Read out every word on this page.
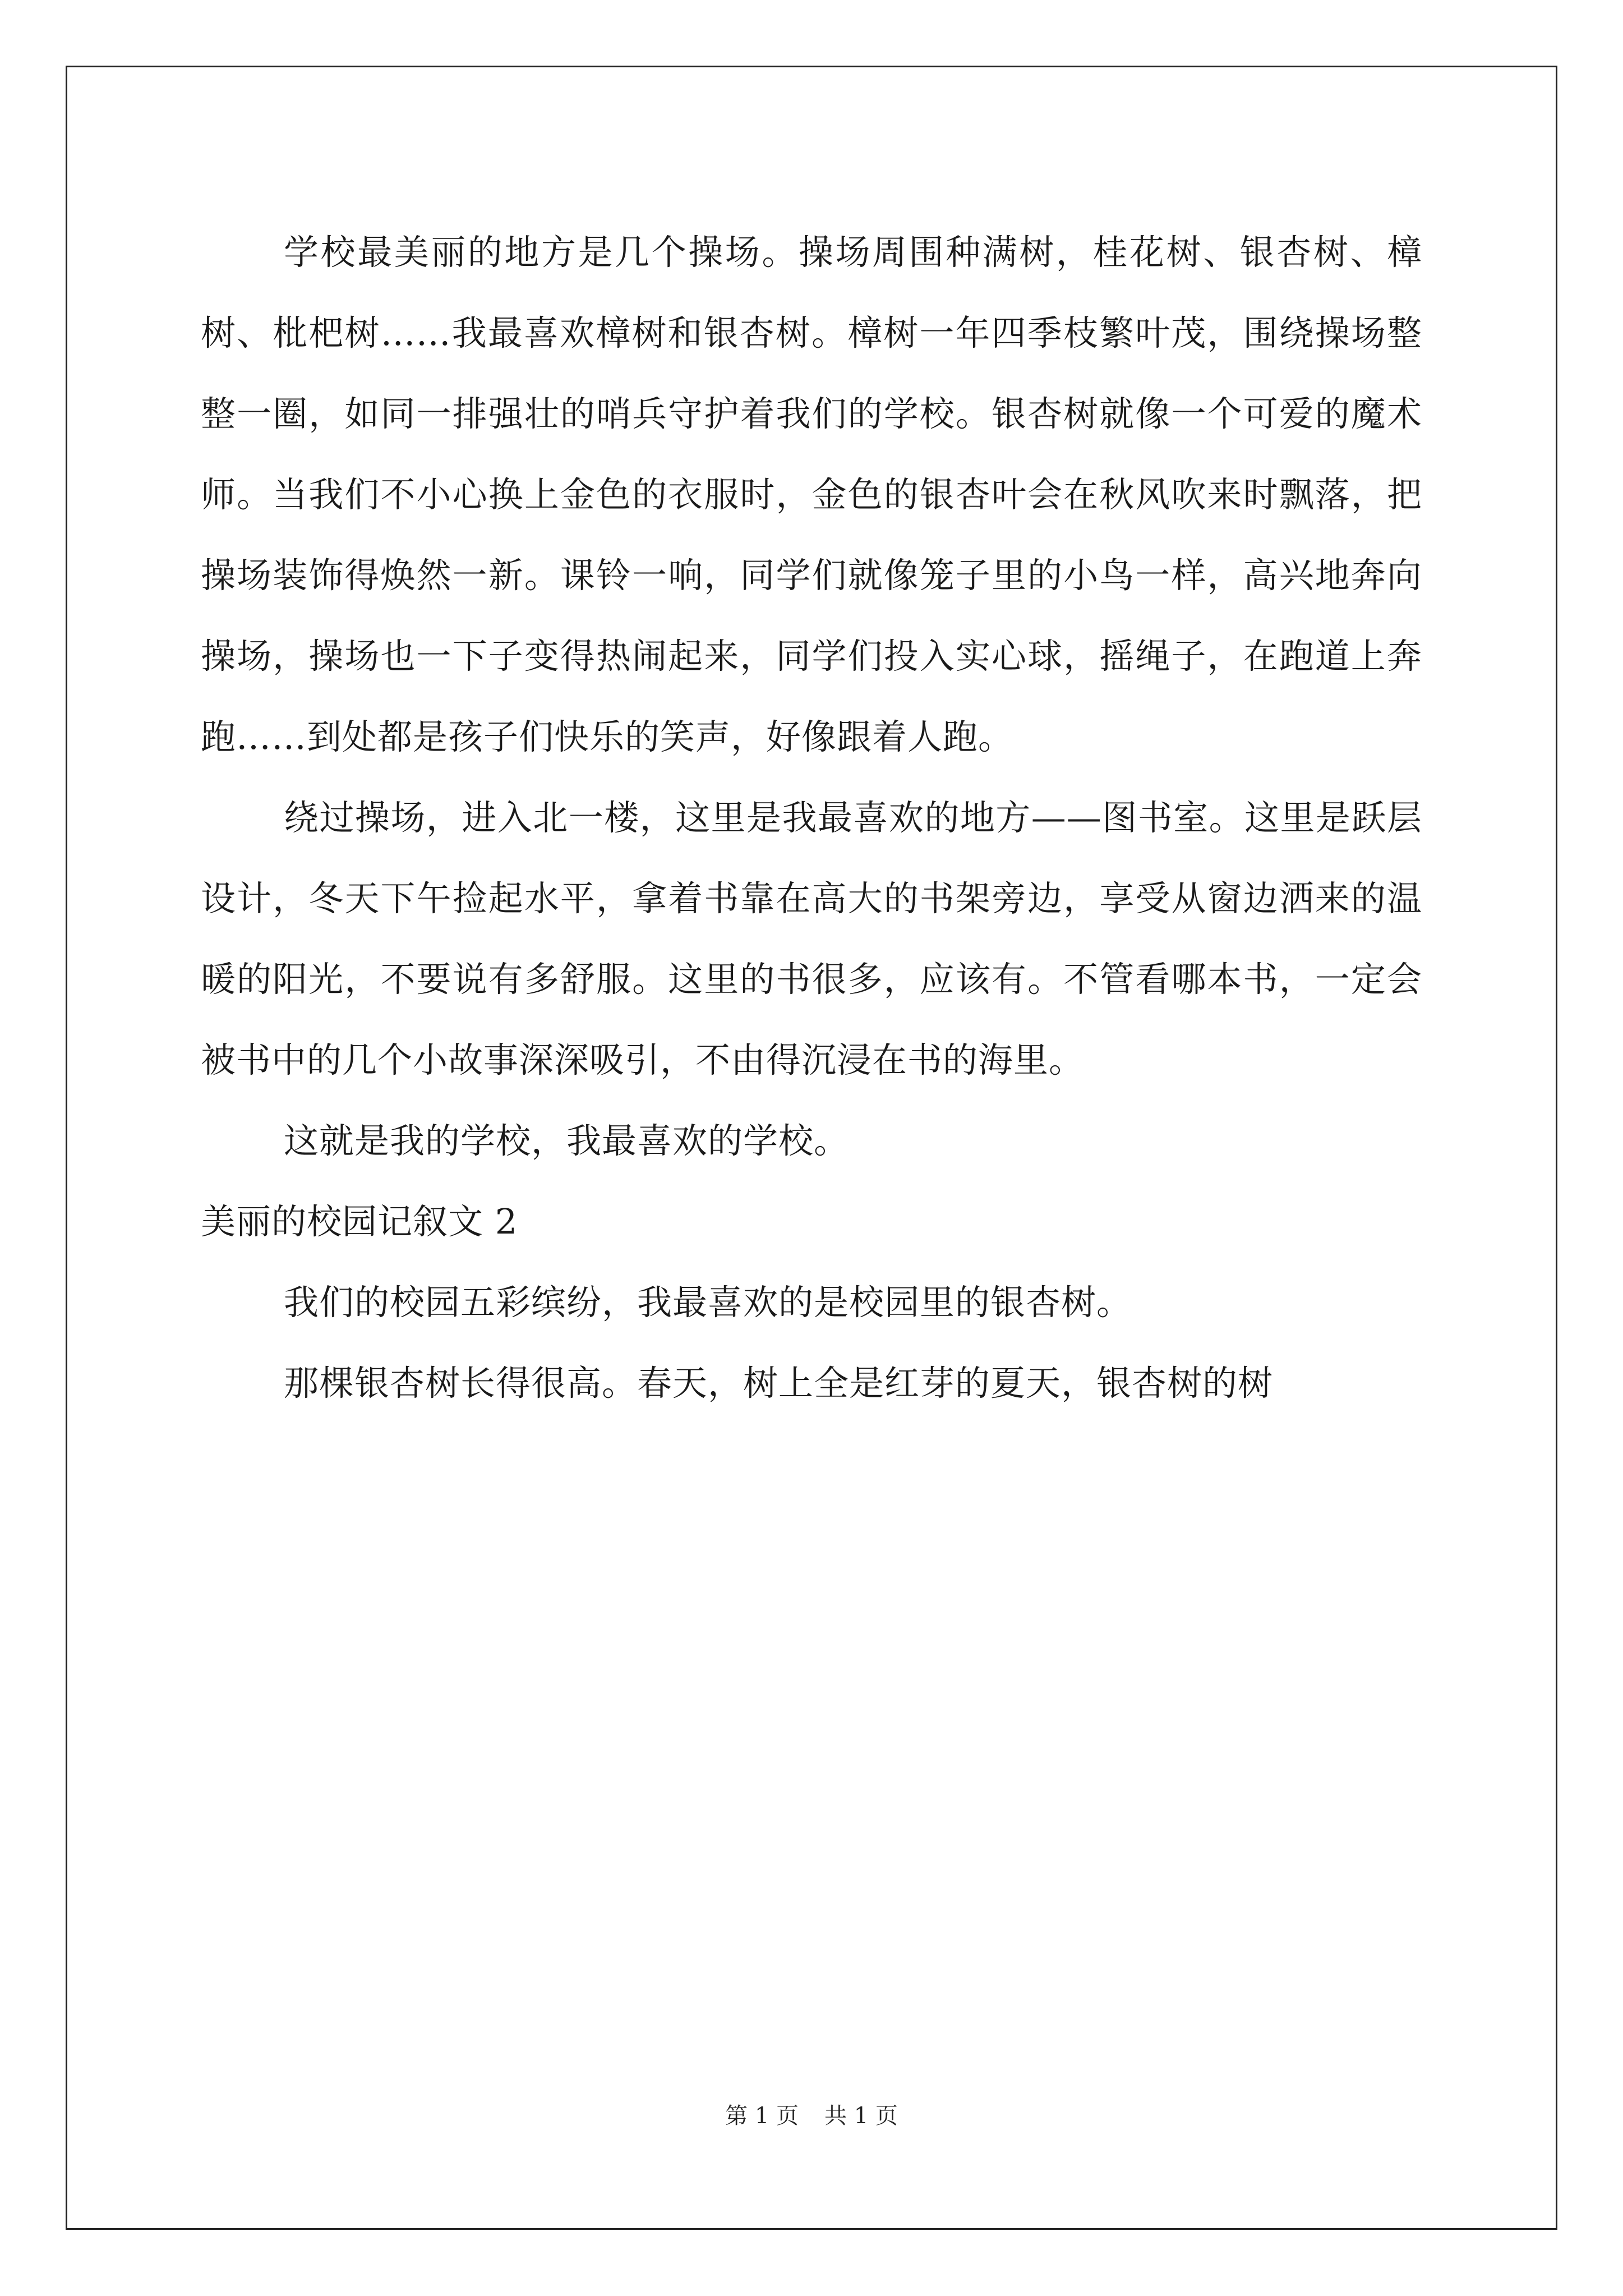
学校最美丽的地方是几个操场。操场周围种满树，桂花树、银杏树、樟树、枇杷树……我最喜欢樟树和银杏树。樟树一年四季枝繁叶茂，围绕操场整整一圈，如同一排强壮的哨兵守护着我们的学校。银杏树就像一个可爱的魔术师。当我们不小心换上金色的衣服时，金色的银杏叶会在秋风吹来时飘落，把操场装饰得焕然一新。课铃一响，同学们就像笼子里的小鸟一样，高兴地奔向操场，操场也一下子变得热闹起来，同学们投入实心球，摇绳子，在跑道上奔跑……到处都是孩子们快乐的笑声，好像跟着人跑。

绕过操场，进入北一楼，这里是我最喜欢的地方——图书室。这里是跃层设计，冬天下午捡起水平，拿着书靠在高大的书架旁边，享受从窗边洒来的温暖的阳光，不要说有多舒服。这里的书很多，应该有。不管看哪本书，一定会被书中的几个小故事深深吸引，不由得沉浸在书的海里。

这就是我的学校，我最喜欢的学校。

美丽的校园记叙文 2

我们的校园五彩缤纷，我最喜欢的是校园里的银杏树。

那棵银杏树长得很高。春天，树上全是红芽的夏天，银杏树的树

第 1 页 共 1 页
